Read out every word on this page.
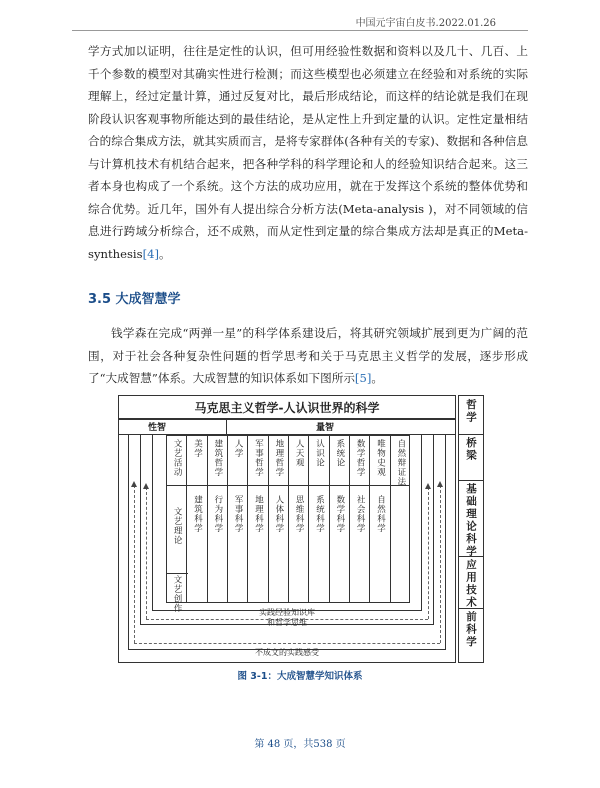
中国元宇宙白皮书.2022.01.26

学方式加以证明，往往是定性的认识，但可用经验性数据和资料以及几十、几百、上千个参数的模型对其确实性进行检测；而这些模型也必须建立在经验和对系统的实际理解上，经过定量计算，通过反复对比，最后形成结论，而这样的结论就是我们在现阶段认识客观事物所能达到的最佳结论，是从定性上升到定量的认识。定性定量相结合的综合集成方法，就其实质而言，是将专家群体(各种有关的专家)、数据和各种信息与计算机技术有机结合起来，把各种学科的科学理论和人的经验知识结合起来。这三者本身也构成了一个系统。这个方法的成功应用，就在于发挥这个系统的整体优势和综合优势。近几年，国外有人提出综合分析方法(Meta-analysis )，对不同领域的信息进行跨域分析综合，还不成熟，而从定性到定量的综合集成方法却是真正的Meta-synthesis[4]。

3.5 大成智慧学

钱学森在完成“两弹一星”的科学体系建设后，将其研究领域扩展到更为广阔的范围，对于社会各种复杂性问题的哲学思考和关于马克思主义哲学的发展，逐步形成了“大成智慧”体系。大成智慧的知识体系如下图所示[5]。

马克思主义哲学-人认识世界的科学
性智	量智
文艺活动 美学 建筑哲学 人学 军事哲学 地理哲学 人天观 认识论 系统论 数学哲学 唯物史观 自然辩证法
文艺理论 建筑科学 行为科学 军事科学 地理科学 人体科学 思维科学 系统科学 数学科学 社会科学 自然科学
文艺创作	实践经验知识库
和哲学思维
不成文的实践感受
哲学
桥梁
基础理论科学
应用技术
前科学
图 3-1：大成智慧学知识体系
第 48 页，共538 页
